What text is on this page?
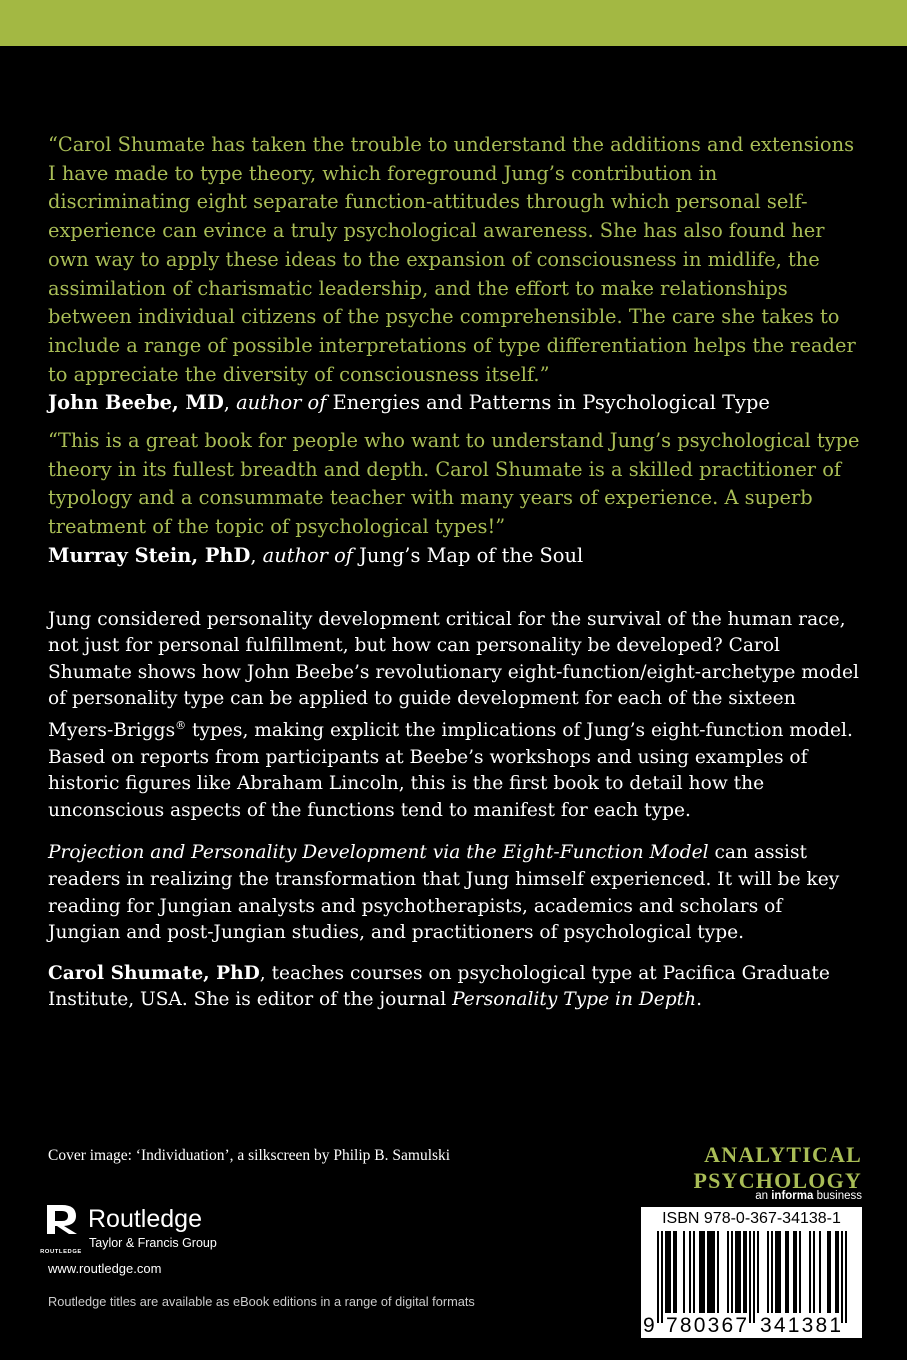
“Carol Shumate has taken the trouble to understand the additions and extensions I have made to type theory, which foreground Jung’s contribution in discriminating eight separate function-attitudes through which personal self-experience can evince a truly psychological awareness. She has also found her own way to apply these ideas to the expansion of consciousness in midlife, the assimilation of charismatic leadership, and the effort to make relationships between individual citizens of the psyche comprehensible. The care she takes to include a range of possible interpretations of type differentiation helps the reader to appreciate the diversity of consciousness itself.”

John Beebe, MD, author of Energies and Patterns in Psychological Type

“This is a great book for people who want to understand Jung’s psychological type theory in its fullest breadth and depth. Carol Shumate is a skilled practitioner of typology and a consummate teacher with many years of experience. A superb treatment of the topic of psychological types!”

Murray Stein, PhD, author of Jung’s Map of the Soul

Jung considered personality development critical for the survival of the human race, not just for personal fulfillment, but how can personality be developed? Carol Shumate shows how John Beebe’s revolutionary eight-function/eight-archetype model of personality type can be applied to guide development for each of the sixteen Myers-Briggs® types, making explicit the implications of Jung’s eight-function model. Based on reports from participants at Beebe’s workshops and using examples of historic figures like Abraham Lincoln, this is the first book to detail how the unconscious aspects of the functions tend to manifest for each type.

Projection and Personality Development via the Eight-Function Model can assist readers in realizing the transformation that Jung himself experienced. It will be key reading for Jungian analysts and psychotherapists, academics and scholars of Jungian and post-Jungian studies, and practitioners of psychological type.

Carol Shumate, PhD, teaches courses on psychological type at Pacifica Graduate Institute, USA. She is editor of the journal Personality Type in Depth.

Cover image: ‘Individuation’, a silkscreen by Philip B. Samulski	ANALYTICAL PSYCHOLOGY
ROUTLEDGE
Routledge
Taylor & Francis Group
www.routledge.com
Routledge titles are available as eBook editions in a range of digital formats
an informa business
ISBN 978-0-367-34138-1
9 780367 341381
